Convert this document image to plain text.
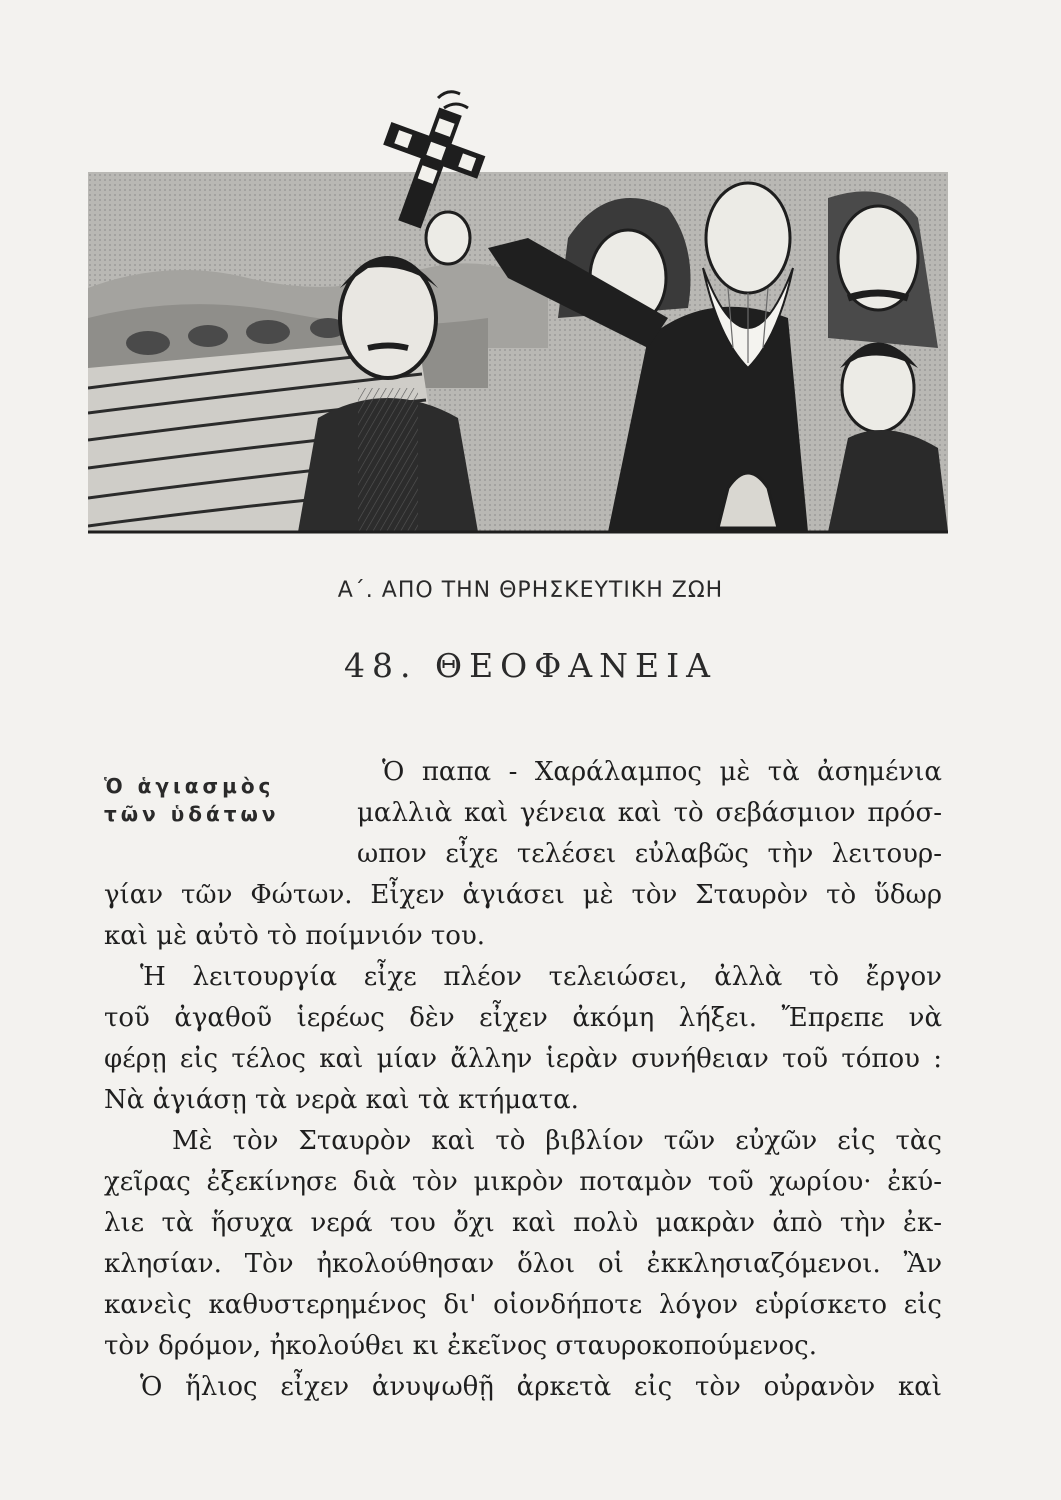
Α΄. ΑΠΟ ΤΗΝ ΘΡΗΣΚΕΥΤΙΚΗ ΖΩΗ
48. ΘΕΟΦΑΝΕΙΑ
Ὁ ἁγιασμὸς
τῶν ὑδάτων
Ὁ παπα - Χαράλαμπος μὲ τὰ ἀσημένια
μαλλιὰ καὶ γένεια καὶ τὸ σεβάσμιον πρόσ-
ωπον εἶχε τελέσει εὐλαβῶς τὴν λειτουρ-
γίαν τῶν Φώτων. Εἶχεν ἁγιάσει μὲ τὸν Σταυρὸν τὸ ὕδωρ
καὶ μὲ αὐτὸ τὸ ποίμνιόν του.
Ἡ λειτουργία εἶχε πλέον τελειώσει, ἀλλὰ τὸ ἔργον
τοῦ ἀγαθοῦ ἱερέως δὲν εἶχεν ἀκόμη λήξει. Ἔπρεπε νὰ
φέρῃ εἰς τέλος καὶ μίαν ἄλλην ἱερὰν συνήθειαν τοῦ τόπου :
Νὰ ἁγιάσῃ τὰ νερὰ καὶ τὰ κτήματα.
Μὲ τὸν Σταυρὸν καὶ τὸ βιβλίον τῶν εὐχῶν εἰς τὰς
χεῖρας ἐξεκίνησε διὰ τὸν μικρὸν ποταμὸν τοῦ χωρίου· ἐκύ-
λιε τὰ ἥσυχα νερά του ὄχι καὶ πολὺ μακρὰν ἀπὸ τὴν ἐκ-
κλησίαν. Τὸν ἠκολούθησαν ὅλοι οἱ ἐκκλησιαζόμενοι. Ἂν
κανεὶς καθυστερημένος δι' οἱονδήποτε λόγον εὑρίσκετο εἰς
τὸν δρόμον, ἠκολούθει κι ἐκεῖνος σταυροκοπούμενος.
Ὁ ἥλιος εἶχεν ἀνυψωθῇ ἀρκετὰ εἰς τὸν οὐρανὸν καὶ
